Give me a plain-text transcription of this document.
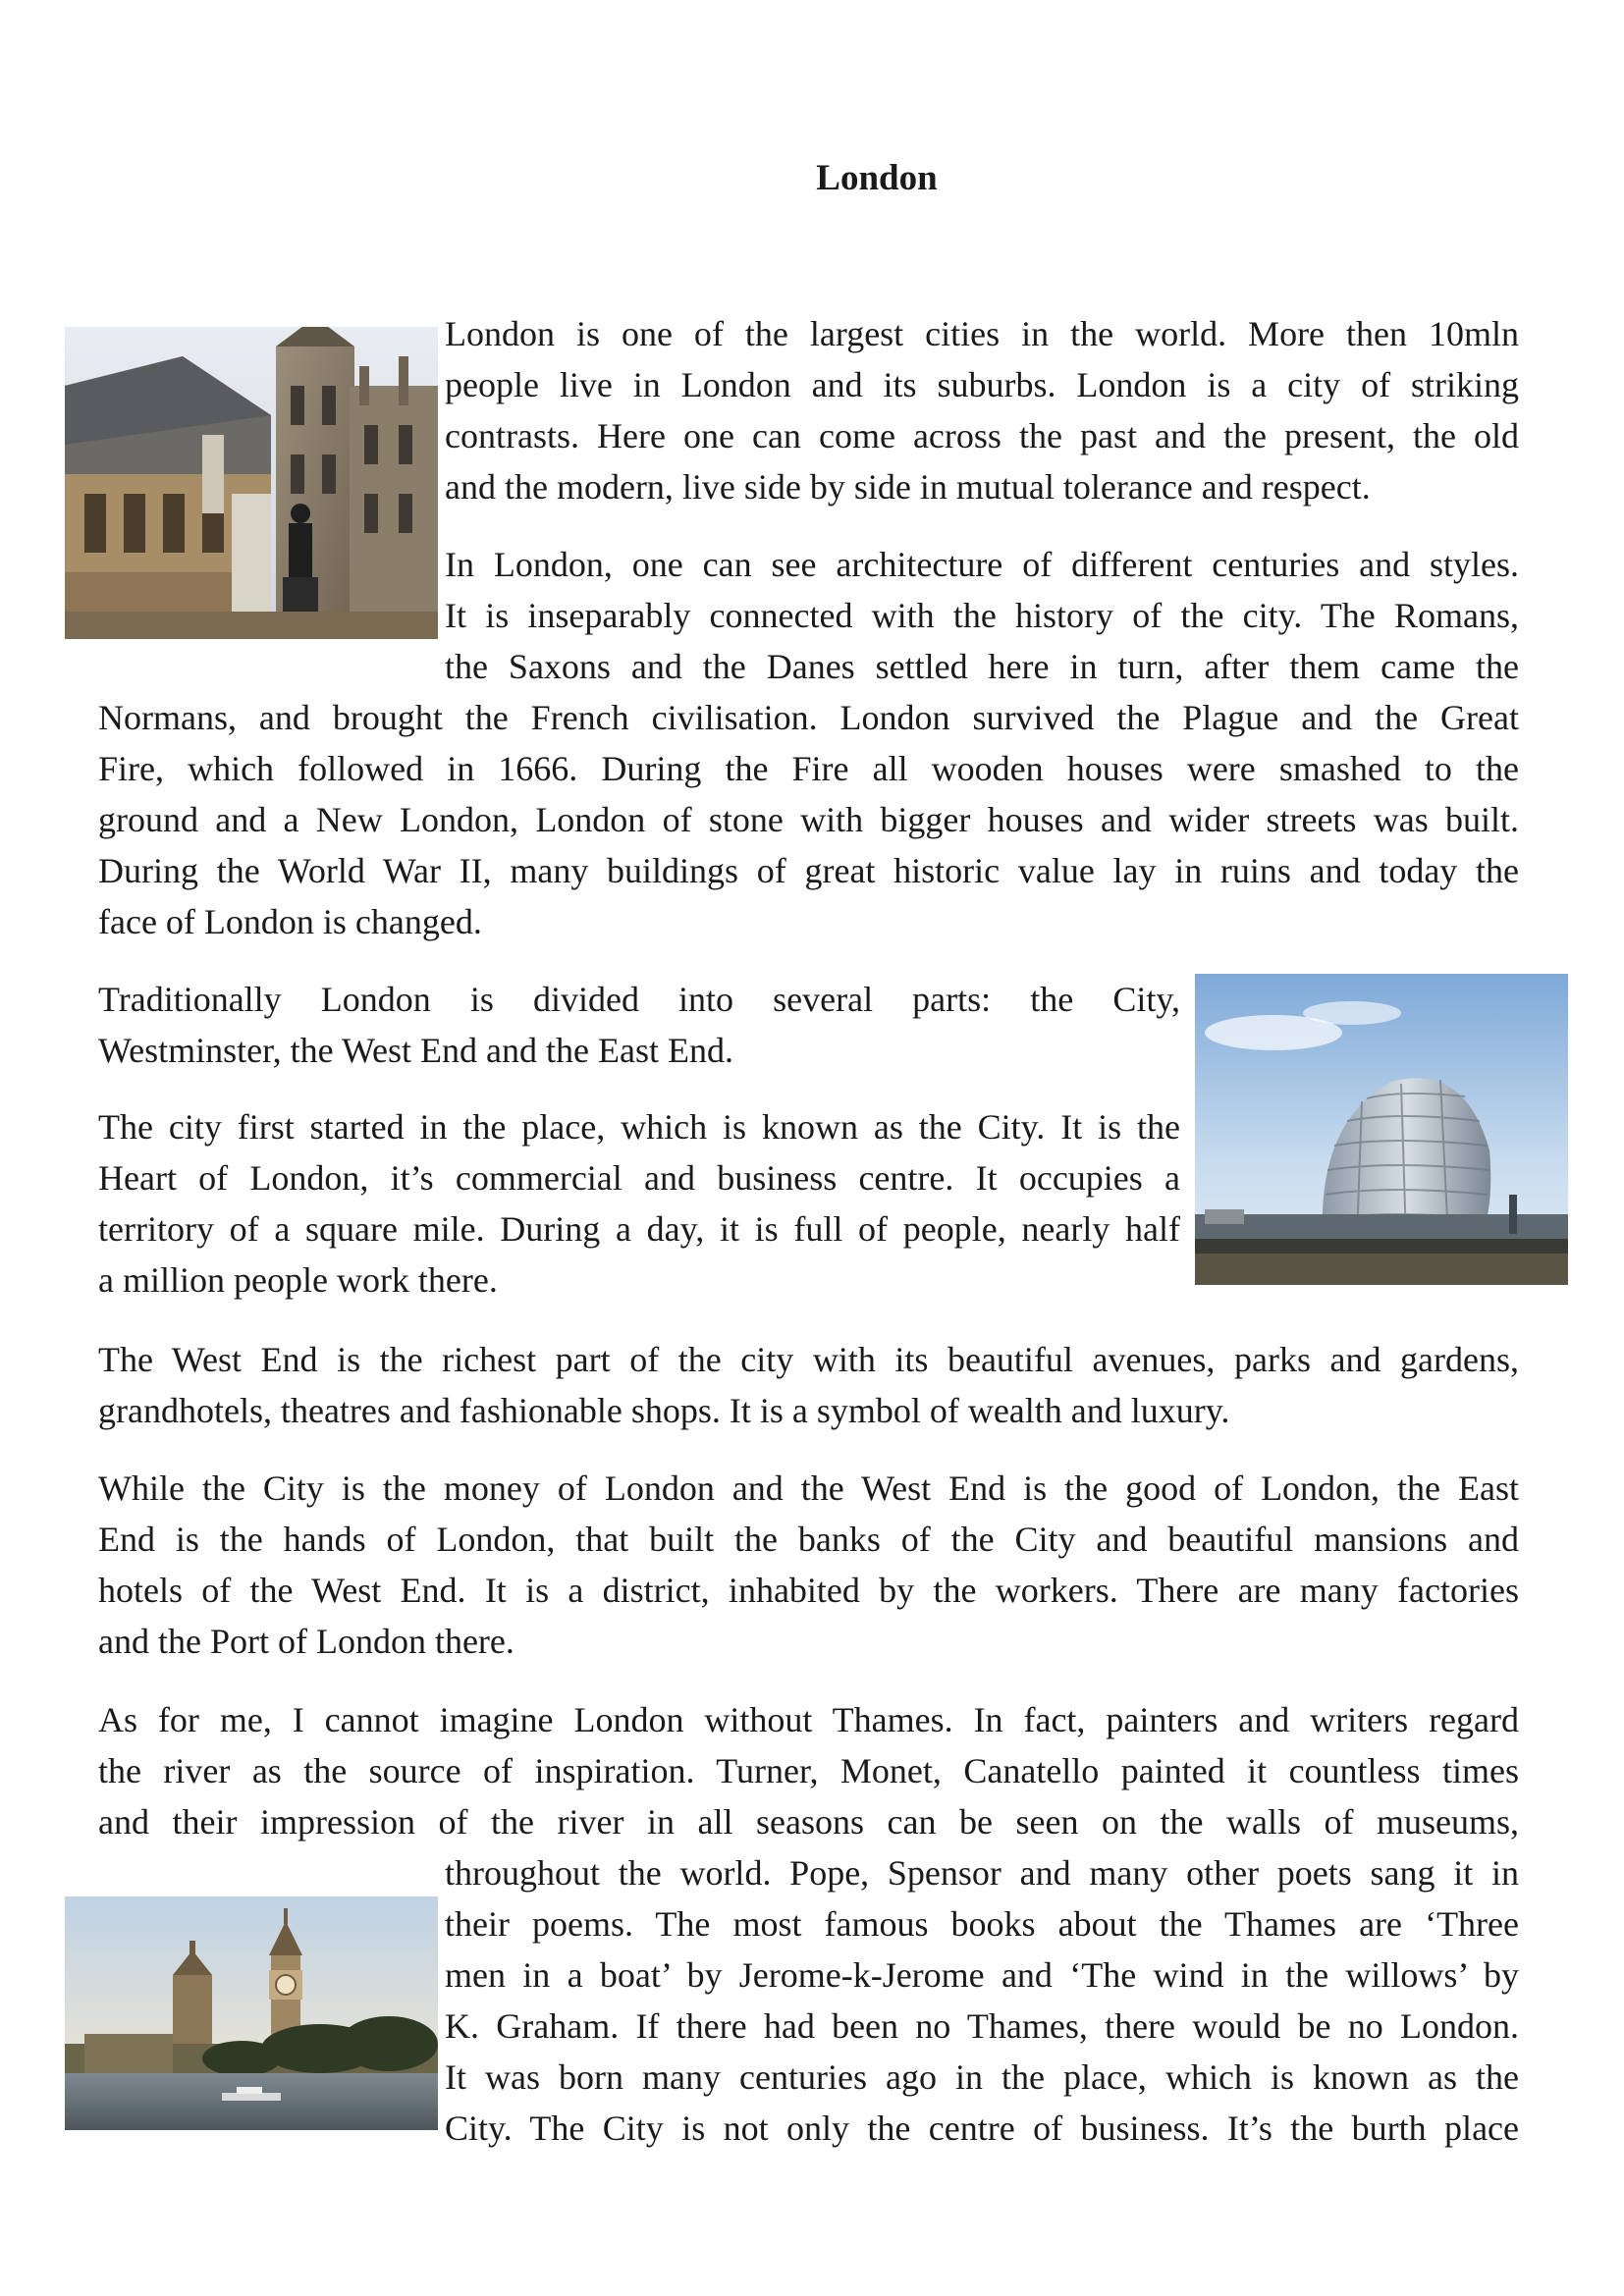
London
London is one of the largest cities in the world. More then 10mln
people live in London and its suburbs. London is a city of striking
contrasts. Here one can come across the past and the present, the old
and the modern, live side by side in mutual tolerance and respect.
In London, one can see architecture of different centuries and styles.
It is inseparably connected with the history of the city. The Romans,
the Saxons and the Danes settled here in turn, after them came the
Normans, and brought the French civilisation. London survived the Plague and the Great
Fire, which followed in 1666. During the Fire all wooden houses were smashed to the
ground and a New London, London of stone with bigger houses and wider streets was built.
During the World War II, many buildings of great historic value lay in ruins and today the
face of London is changed.
Traditionally London is divided into several parts: the City,
Westminster, the West End and the East End.
The city first started in the place, which is known as the City. It is the
Heart of London, it’s commercial and business centre. It occupies a
territory of a square mile. During a day, it is full of people, nearly half
a million people work there.
The West End is the richest part of the city with its beautiful avenues, parks and gardens,
grandhotels, theatres and fashionable shops. It is a symbol of wealth and luxury.
While the City is the money of London and the West End is the good of London, the East
End is the hands of London, that built the banks of the City and beautiful mansions and
hotels of the West End. It is a district, inhabited by the workers. There are many factories
and the Port of London there.
As for me, I cannot imagine London without Thames. In fact, painters and writers regard
the river as the source of inspiration. Turner, Monet, Canatello painted it countless times
and their impression of the river in all seasons can be seen on the walls of museums,
throughout the world. Pope, Spensor and many other poets sang it in
their poems. The most famous books about the Thames are ‘Three
men in a boat’ by Jerome-k-Jerome and ‘The wind in the willows’ by
K. Graham. If there had been no Thames, there would be no London.
It was born many centuries ago in the place, which is known as the
City. The City is not only the centre of business. It’s the burth place
